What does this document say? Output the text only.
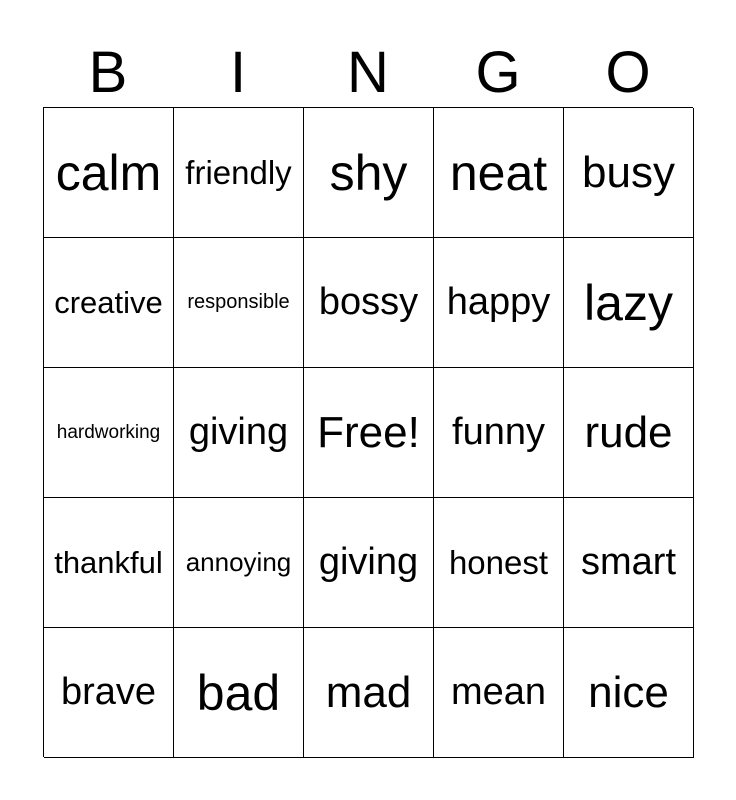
B	I	N	G	O
calm friendly shy neat busy
creative	responsible bossy happy lazy
hardworking giving Free! funny rude
thankful annoying giving honest smart
brave bad	mad	mean nice
